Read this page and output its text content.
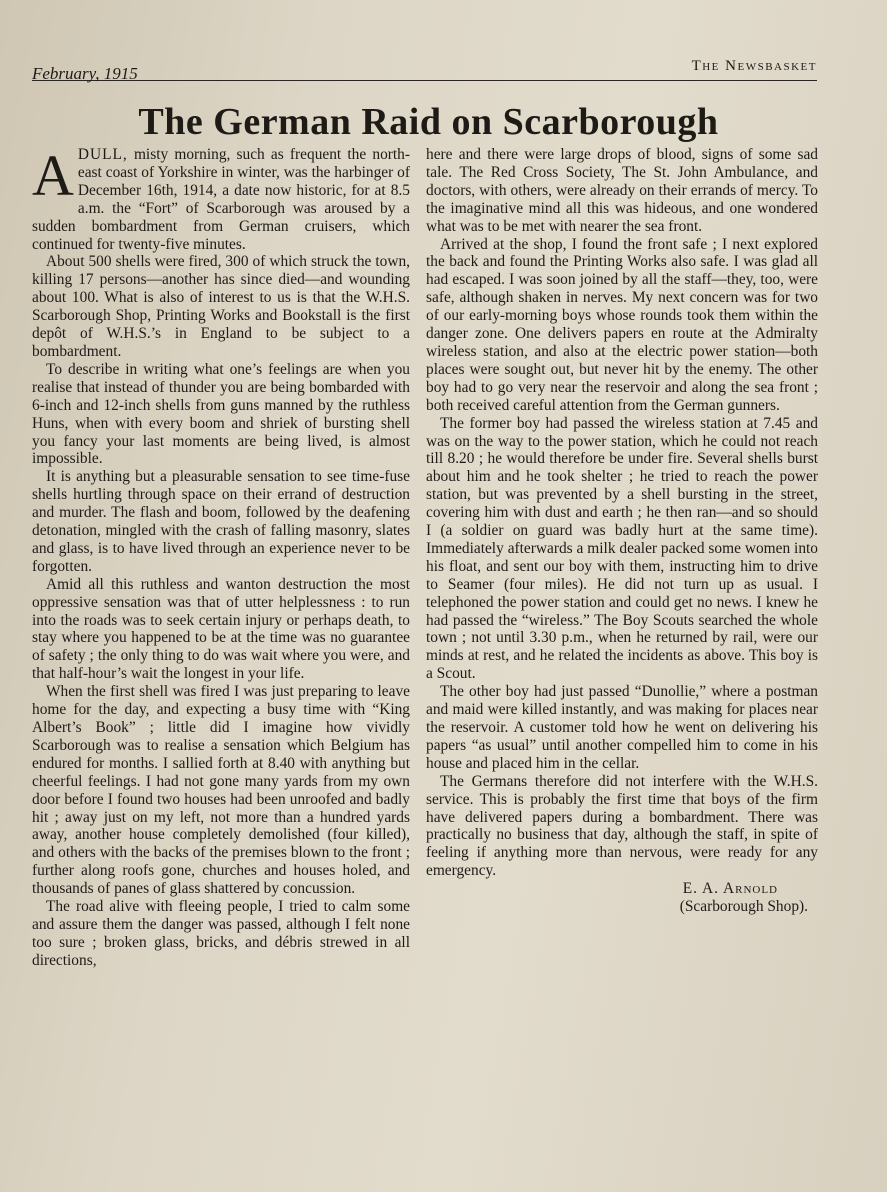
February, 1915	The Newsbasket
The German Raid on Scarborough

ADULL, misty morning, such as frequent the north-east coast of Yorkshire in winter, was the harbinger of December 16th, 1914, a date now historic, for at 8.5 a.m. the “Fort” of Scarborough was aroused by a sudden bombardment from German cruisers, which continued for twenty-five minutes.

About 500 shells were fired, 300 of which struck the town, killing 17 persons—another has since died—and wounding about 100. What is also of interest to us is that the W.H.S. Scarborough Shop, Printing Works and Bookstall is the first depôt of W.H.S.’s in England to be subject to a bombardment.

To describe in writing what one’s feelings are when you realise that instead of thunder you are being bombarded with 6-inch and 12-inch shells from guns manned by the ruthless Huns, when with every boom and shriek of bursting shell you fancy your last moments are being lived, is almost impossible.

It is anything but a pleasurable sensation to see time-fuse shells hurtling through space on their errand of destruction and murder. The flash and boom, followed by the deafening detonation, mingled with the crash of falling masonry, slates and glass, is to have lived through an experience never to be forgotten.

Amid all this ruthless and wanton destruction the most oppressive sensation was that of utter helplessness : to run into the roads was to seek certain injury or perhaps death, to stay where you happened to be at the time was no guarantee of safety ; the only thing to do was wait where you were, and that half-hour’s wait the longest in your life.

When the first shell was fired I was just preparing to leave home for the day, and expecting a busy time with “King Albert’s Book” ; little did I imagine how vividly Scarborough was to realise a sensation which Belgium has endured for months. I sallied forth at 8.40 with anything but cheerful feelings. I had not gone many yards from my own door before I found two houses had been unroofed and badly hit ; away just on my left, not more than a hundred yards away, another house completely demolished (four killed), and others with the backs of the premises blown to the front ; further along roofs gone, churches and houses holed, and thousands of panes of glass shattered by concussion.

The road alive with fleeing people, I tried to calm some and assure them the danger was passed, although I felt none too sure ; broken glass, bricks, and débris strewed in all directions,

here and there were large drops of blood, signs of some sad tale. The Red Cross Society, The St. John Ambulance, and doctors, with others, were already on their errands of mercy. To the imaginative mind all this was hideous, and one wondered what was to be met with nearer the sea front.

Arrived at the shop, I found the front safe ; I next explored the back and found the Printing Works also safe. I was glad all had escaped. I was soon joined by all the staff—they, too, were safe, although shaken in nerves. My next concern was for two of our early-morning boys whose rounds took them within the danger zone. One delivers papers en route at the Admiralty wireless station, and also at the electric power station—both places were sought out, but never hit by the enemy. The other boy had to go very near the reservoir and along the sea front ; both received careful attention from the German gunners.

The former boy had passed the wireless station at 7.45 and was on the way to the power station, which he could not reach till 8.20 ; he would therefore be under fire. Several shells burst about him and he took shelter ; he tried to reach the power station, but was prevented by a shell bursting in the street, covering him with dust and earth ; he then ran—and so should I (a soldier on guard was badly hurt at the same time). Immediately afterwards a milk dealer packed some women into his float, and sent our boy with them, instructing him to drive to Seamer (four miles). He did not turn up as usual. I telephoned the power station and could get no news. I knew he had passed the “wireless.” The Boy Scouts searched the whole town ; not until 3.30 p.m., when he returned by rail, were our minds at rest, and he related the incidents as above. This boy is a Scout.

The other boy had just passed “Dunollie,” where a postman and maid were killed instantly, and was making for places near the reservoir. A customer told how he went on delivering his papers “as usual” until another compelled him to come in his house and placed him in the cellar.

The Germans therefore did not interfere with the W.H.S. service. This is probably the first time that boys of the firm have delivered papers during a bombardment. There was practically no business that day, although the staff, in spite of feeling if anything more than nervous, were ready for any emergency.

E. A. Arnold

(Scarborough Shop).
